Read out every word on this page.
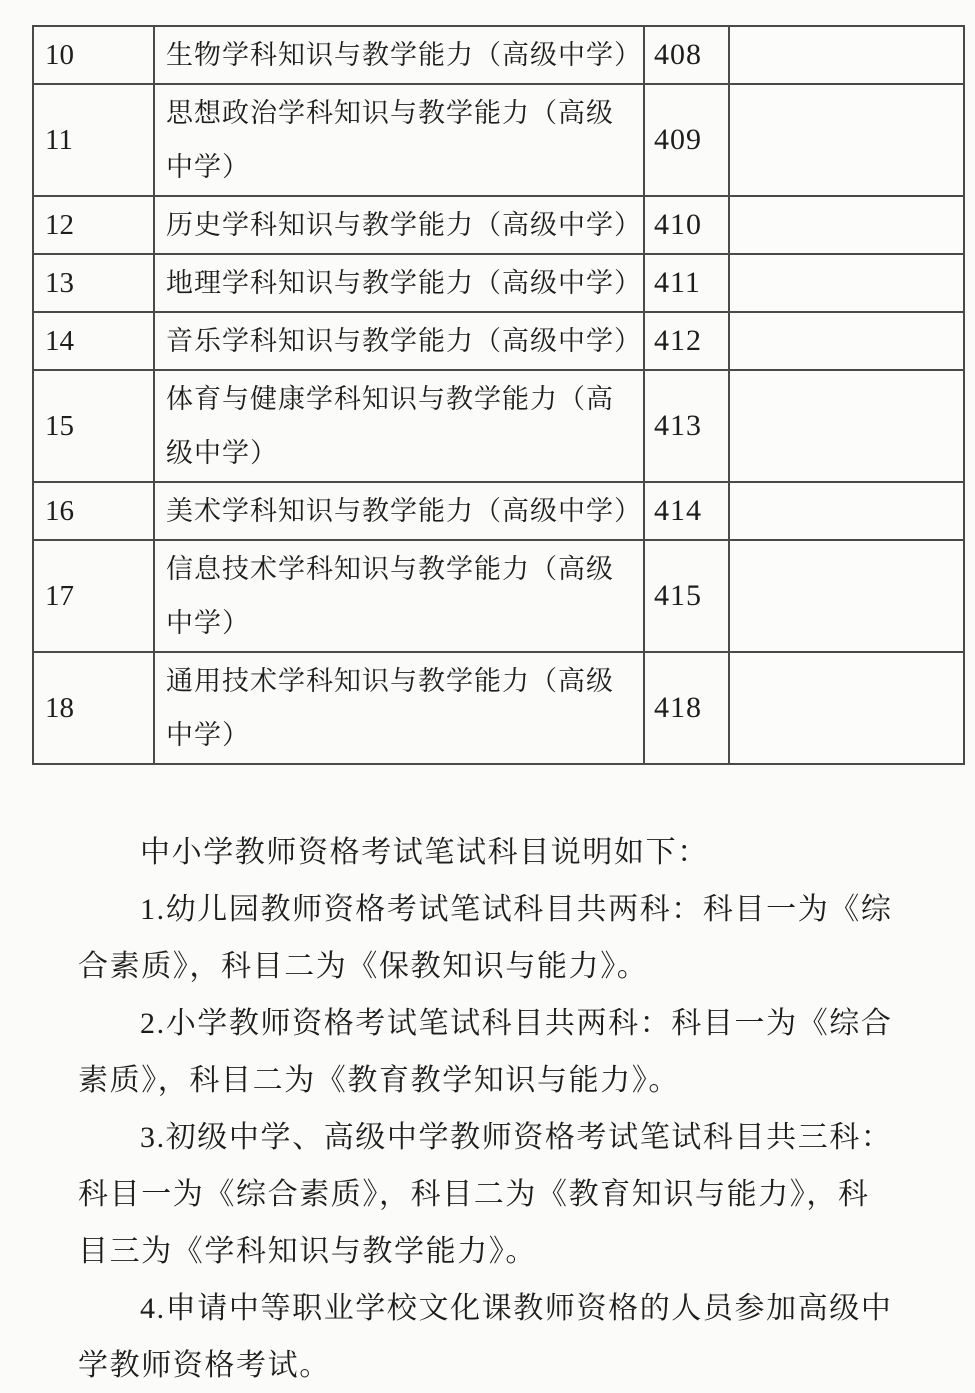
10	生物学科知识与教学能力（高级中学）	408	
11	思想政治学科知识与教学能力（高级
中学）	409	
12	历史学科知识与教学能力（高级中学）	410	
13	地理学科知识与教学能力（高级中学）	411	
14	音乐学科知识与教学能力（高级中学）	412	
15	体育与健康学科知识与教学能力（高
级中学）	413	
16	美术学科知识与教学能力（高级中学）	414	
17	信息技术学科知识与教学能力（高级
中学）	415	
18	通用技术学科知识与教学能力（高级
中学）	418	
中小学教师资格考试笔试科目说明如下：
1.幼儿园教师资格考试笔试科目共两科：科目一为《综
合素质》，科目二为《保教知识与能力》。
2.小学教师资格考试笔试科目共两科：科目一为《综合
素质》，科目二为《教育教学知识与能力》。
3.初级中学、高级中学教师资格考试笔试科目共三科：
科目一为《综合素质》，科目二为《教育知识与能力》，科
目三为《学科知识与教学能力》。
4.申请中等职业学校文化课教师资格的人员参加高级中
学教师资格考试。
